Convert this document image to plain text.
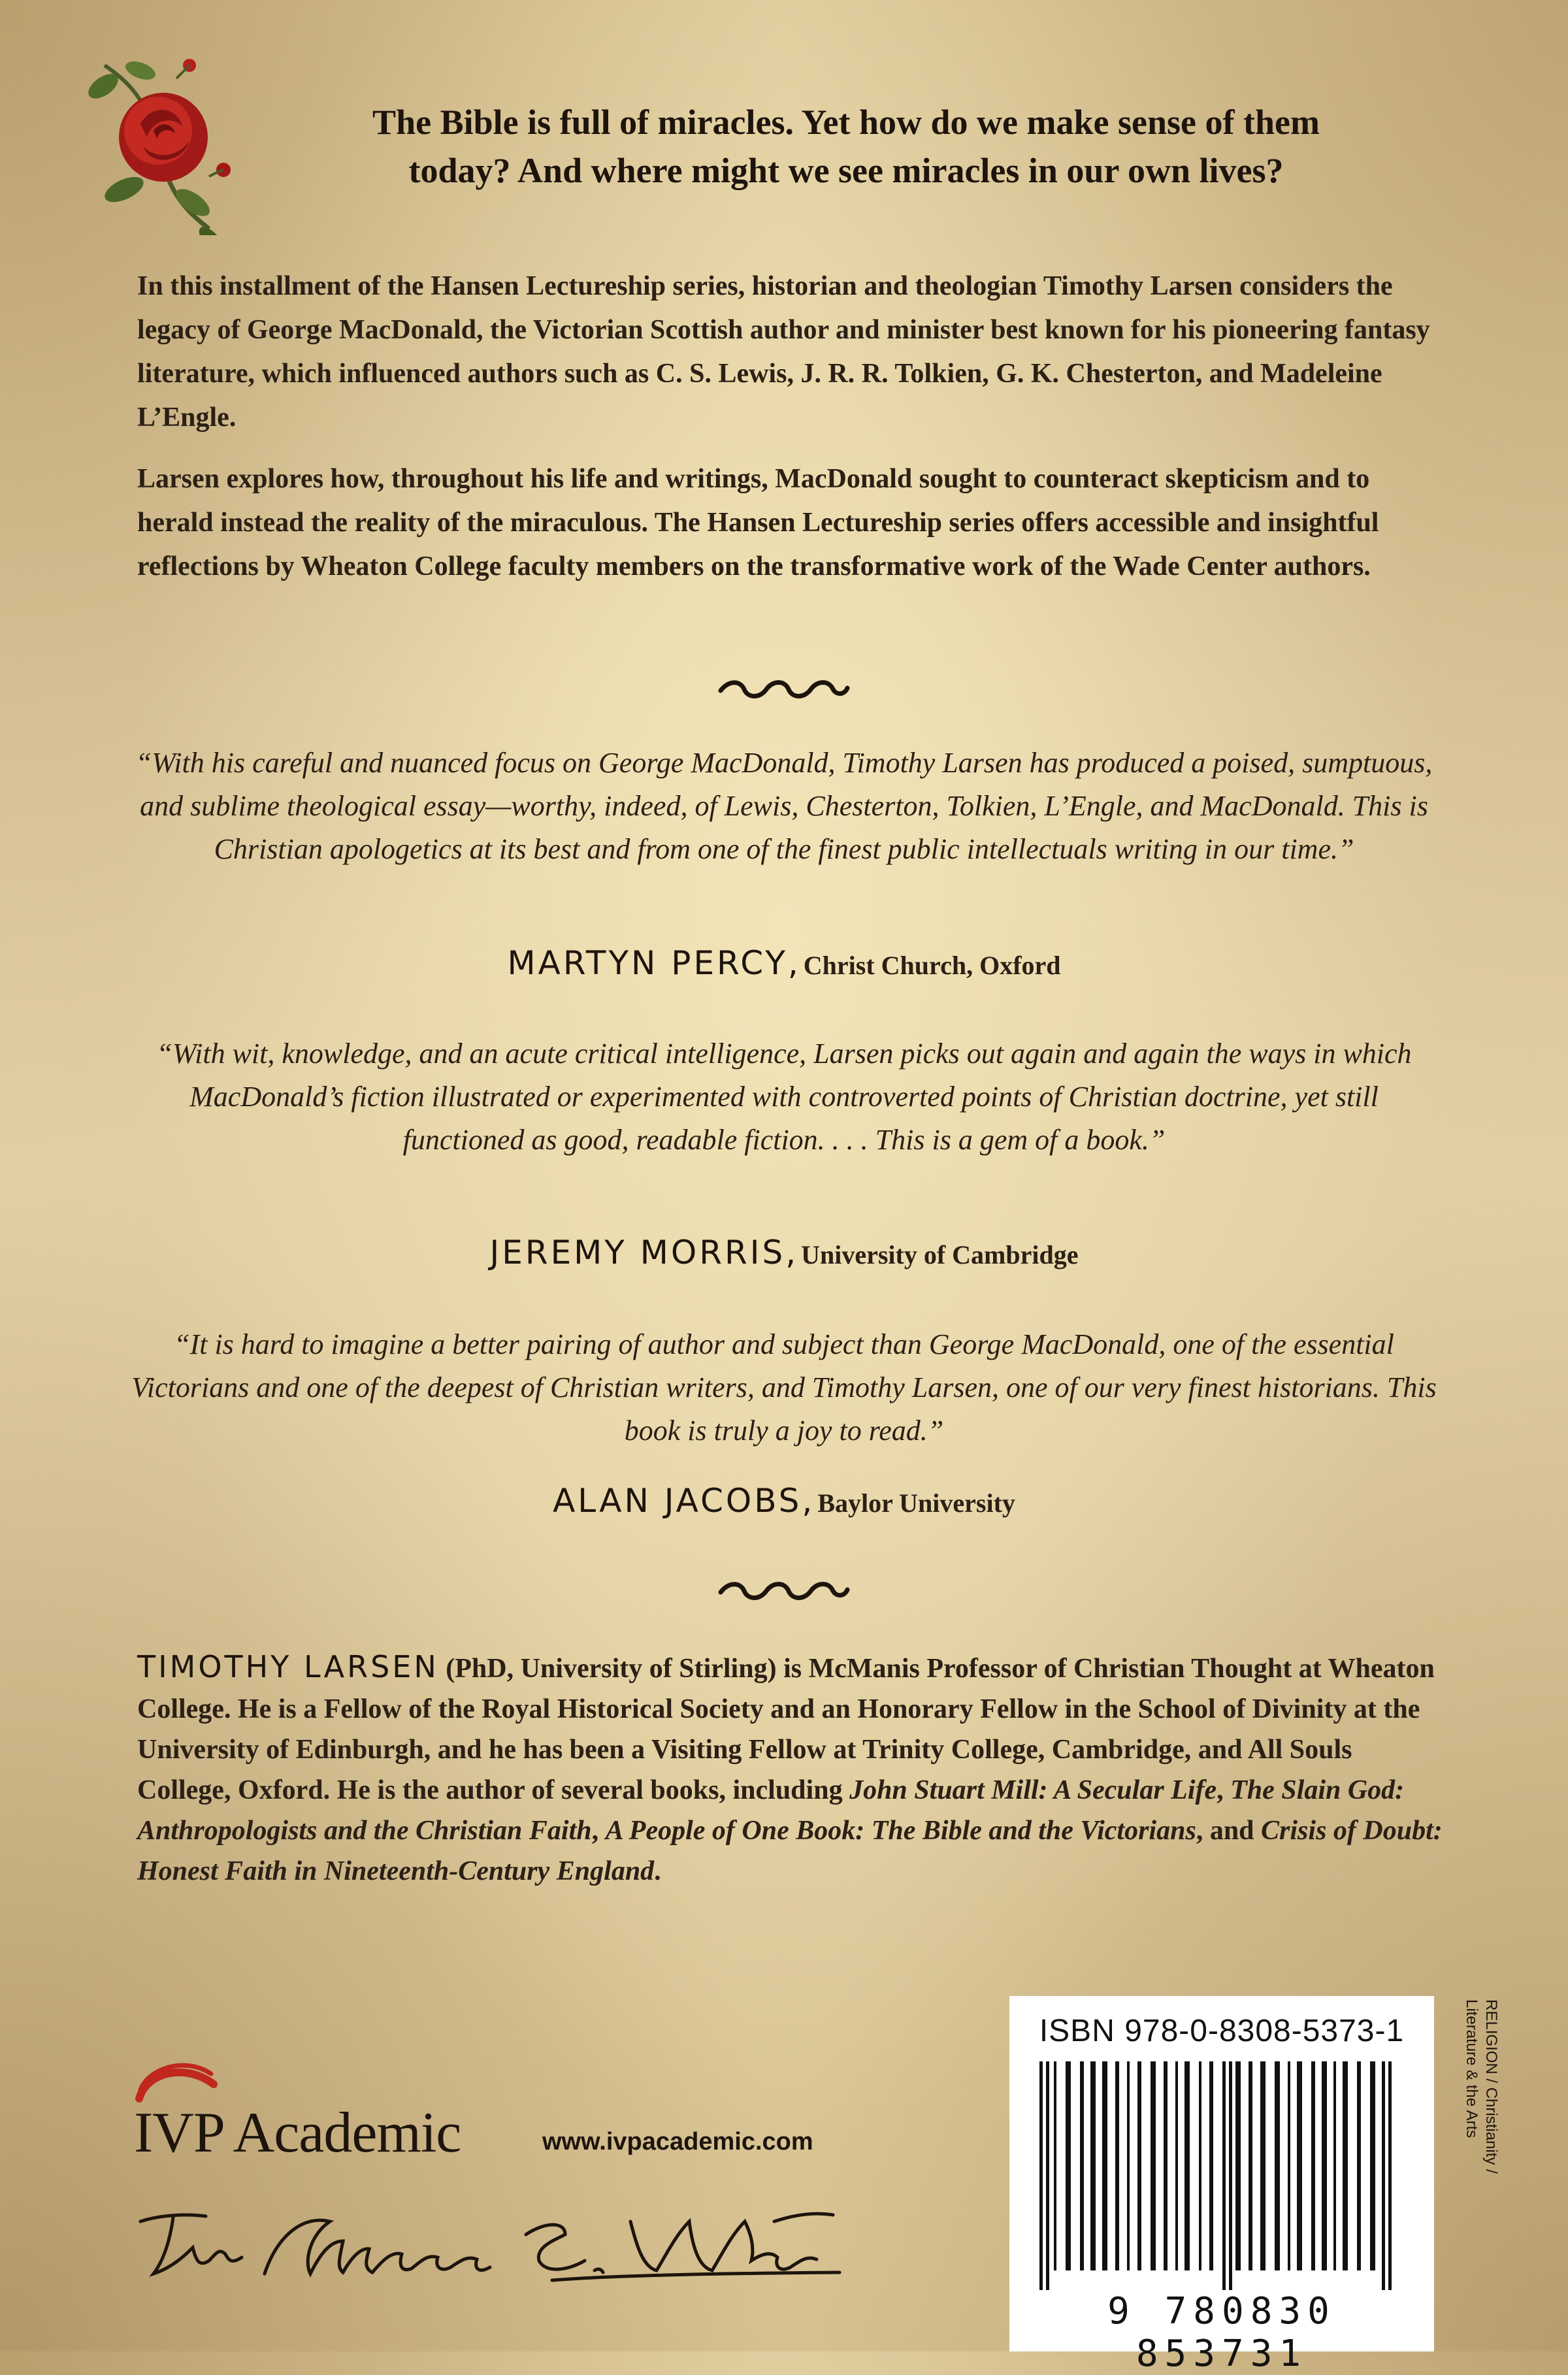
The Bible is full of miracles. Yet how do we make sense of them
today? And where might we see miracles in our own lives?
In this installment of the Hansen Lectureship series, historian and theologian Timothy Larsen considers the legacy of George MacDonald, the Victorian Scottish author and minister best known for his pioneering fantasy literature, which influenced authors such as C. S. Lewis, J. R. R. Tolkien, G. K. Chesterton, and Madeleine L’Engle.
Larsen explores how, throughout his life and writings, MacDonald sought to counteract skepticism and to herald instead the reality of the miraculous. The Hansen Lectureship series offers accessible and insightful reflections by Wheaton College faculty members on the transformative work of the Wade Center authors.
“With his careful and nuanced focus on George MacDonald, Timothy Larsen has produced a poised, sumptuous, and sublime theological essay—worthy, indeed, of Lewis, Chesterton, Tolkien, L’Engle, and MacDonald. This is Christian apologetics at its best and from one of the finest public intellectuals writing in our time.”
MARTYN PERCY, Christ Church, Oxford
“With wit, knowledge, and an acute critical intelligence, Larsen picks out again and again the ways in which MacDonald’s fiction illustrated or experimented with controverted points of Christian doctrine, yet still functioned as good, readable fiction. . . . This is a gem of a book.”
JEREMY MORRIS, University of Cambridge
“It is hard to imagine a better pairing of author and subject than George MacDonald, one of the essential Victorians and one of the deepest of Christian writers, and Timothy Larsen, one of our very finest historians. This book is truly a joy to read.”
ALAN JACOBS, Baylor University
TIMOTHY LARSEN (PhD, University of Stirling) is McManis Professor of Christian Thought at Wheaton College. He is a Fellow of the Royal Historical Society and an Honorary Fellow in the School of Divinity at the University of Edinburgh, and he has been a Visiting Fellow at Trinity College, Cambridge, and All Souls College, Oxford. He is the author of several books, including John Stuart Mill: A Secular Life, The Slain God: Anthropologists and the Christian Faith, A People of One Book: The Bible and the Victorians, and Crisis of Doubt: Honest Faith in Nineteenth-Century England.
IVP Academic	www.ivpacademic.com
ISBN 978-0-8308-5373-1
9 780830 853731
RELIGION / Christianity /
Literature & the Arts
